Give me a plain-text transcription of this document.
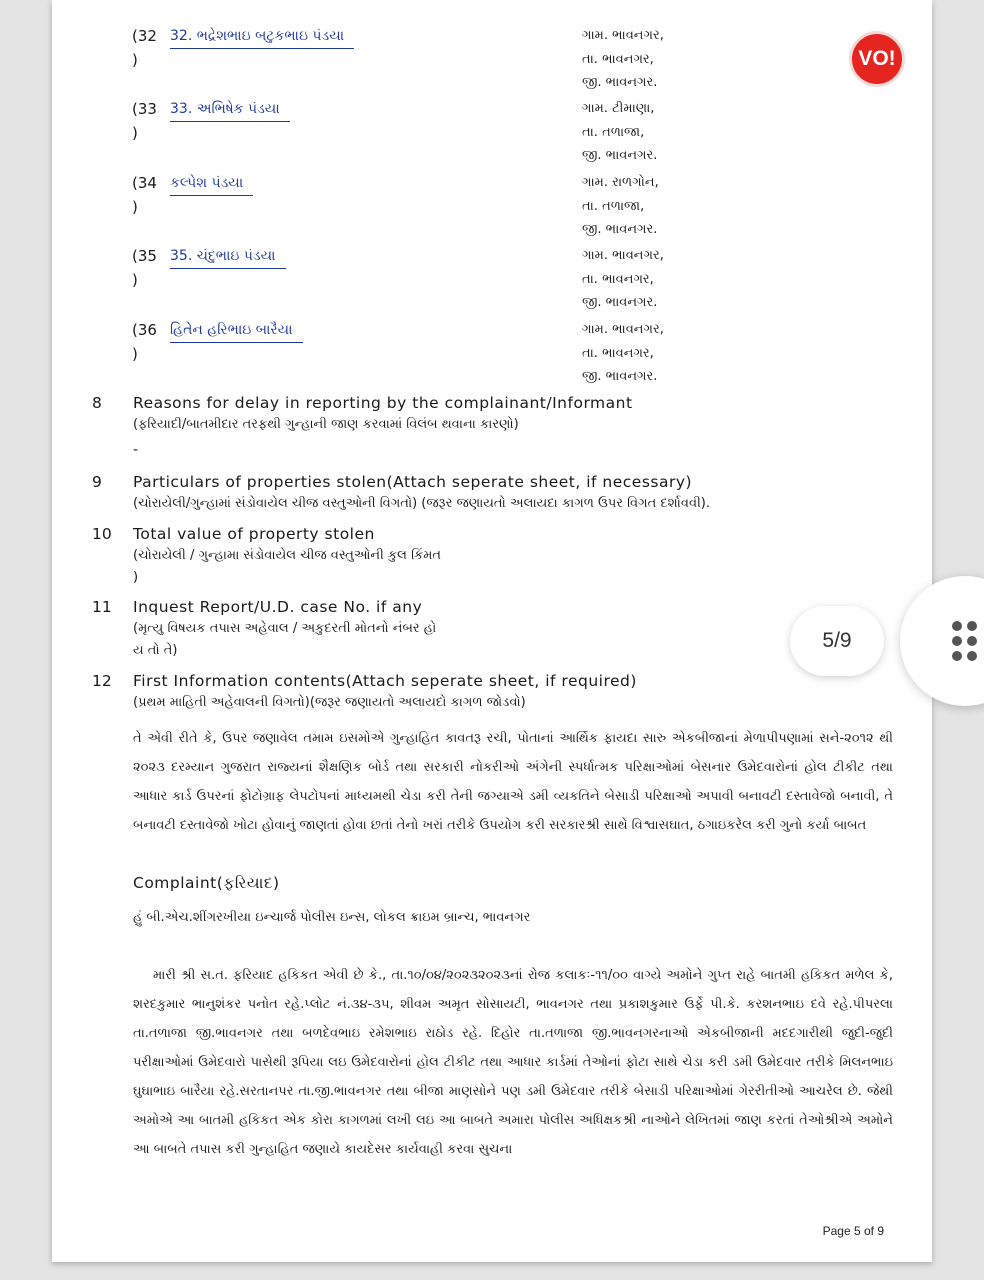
(32
)
32. ભદ્રેશભાઇ બટુકભાઇ પંડયા	ગામ. ભાવનગર,
તા. ભાવનગર,
જી. ભાવનગર.
(33
)
33. અભિષેક પંડયા	ગામ. ટીમાણા,
તા. તળાજા,
જી. ભાવનગર.
(34
)
કલ્પેશ પંડયા	ગામ. રાળગોન,
તા. તળાજા,
જી. ભાવનગર.
(35
)
35. ચંદુભાઇ પંડયા	ગામ. ભાવનગર,
તા. ભાવનગર,
જી. ભાવનગર.
(36
)
હિતેન હરિભાઇ બારૈયા	ગામ. ભાવનગર,
તા. ભાવનગર,
જી. ભાવનગર.
8 Reasons for delay in reporting by the complainant/Informant
(ફરિયાદી/બાતમીદાર તરફથી ગુન્હાની જાણ કરવામાં વિલંબ થવાના કારણો)
-
9 Particulars of properties stolen(Attach seperate sheet, if necessary)
(ચોરાયેલી/ગુન્હામાં સંડોવાયેલ ચીજ વસ્તુઓની વિગતો) (જરૂર જણાયતો અલાયદા કાગળ ઉપર વિગત દર્શાવવી).
10 Total value of property stolen
(ચોરાયેલી / ગુન્હામા સંડોવાયેલ ચીજ વસ્તુઓની કુલ કિંમત
)
11 Inquest Report/U.D. case No. if any
(મૃત્યુ વિષયક તપાસ અહેવાલ / અકુદરતી મોતનો નંબર હો
ય તો તે)
12 First Information contents(Attach seperate sheet, if required)
(પ્રથમ માહિતી અહેવાલની વિગતો)(જરૂર જણાયતો અલાયદો કાગળ જોડવો)
તે એવી રીતે કે, ઉપર જણાવેલ તમામ ઇસમોએ ગુન્હાહિત કાવતરૂ રચી, પોતાનાં આર્થિક ફાયદા સારુ એકબીજાનાં મેળાપીપણામાં સને-૨૦૧૨ થી ૨૦૨૩ દરમ્યાન ગુજરાત રાજ્યનાં શૈક્ષણિક બોર્ડ તથા સરકારી નોકરીઓ અંગેની સ્પર્ધાત્મક પરિક્ષાઓમાં બેસનાર ઉમેદવારોનાં હોલ ટીકીટ તથા આધાર કાર્ડ ઉપરનાં ફોટોગ્રાફ લેપટોપનાં માધ્યમથી ચેડા કરી તેની જગ્યાએ ડમી વ્યકતિને બેસાડી પરિક્ષાઓ અપાવી બનાવટી દસ્તાવેજો બનાવી, તે બનાવટી દસ્તાવેજો ખોટા હોવાનું જાણતાં હોવા છતાં તેનો ખરાં તરીકે ઉપયોગ કરી સરકારશ્રી સાથે વિશ્વાસઘાત, ઠગાઇકરેલ કરી ગુનો કર્યા બાબત
Complaint(ફરિયાદ)
હું બી.એચ.શીંગરખીયા ઇન્ચાર્જ પોલીસ ઇન્સ, લોકલ ક્રાઇમ બ્રાન્ચ, ભાવનગર
મારી શ્રી સ.ત. ફરિયાદ હકિકત એવી છે કે., તા.૧૦/૦૪/૨૦૨૩૨૦૨૩નાં રોજ કલાકઃ-૧૧/૦૦ વાગ્યે અમોને ગુપ્ત રાહે બાતમી હકિકત મળેલ કે, શરદકુમાર ભાનુશંકર પનોત રહે.પ્લોટ નં.૩૪-૩૫, શીવમ અમૃત સોસાયટી, ભાવનગર તથા પ્રકાશકુમાર ઉર્ફે પી.કે. કરશનભાઇ દવે રહે.પીપરલા તા.તળાજા જી.ભાવનગર તથા બળદેવભાઇ રમેશભાઇ રાઠોડ રહે. દિહોર તા.તળાજા જી.ભાવનગરનાઓ એકબીજાની મદદગારીથી જુદી-જુદી પરીક્ષાઓમાં ઉમેદવારો પાસેથી રૂપિયા લઇ ઉમેદવારોનાં હોલ ટીકીટ તથા આધાર કાર્ડમાં તેઓનાં ફોટા સાથે ચેડા કરી ડમી ઉમેદવાર તરીકે મિલનભાઇ ઘુઘાભાઇ બારૈયા રહે.સરતાનપર તા.જી.ભાવનગર તથા બીજા માણસોને પણ ડમી ઉમેદવાર તરીકે બેસાડી પરિક્ષાઓમાં ગેરરીતીઓ આચરેલ છે. જેથી અમોએ આ બાતમી હકિકત એક કોરા કાગળમાં લખી લઇ આ બાબતે અમારા પોલીસ અધિક્ષકશ્રી નાઓને લેખિતમાં જાણ કરતાં તેઓશ્રીએ અમોને આ બાબતે તપાસ કરી ગુન્હાહિત જણાયે કાયદેસર કાર્યવાહી કરવા સુચના
Page 5 of 9
VO!
5/9
